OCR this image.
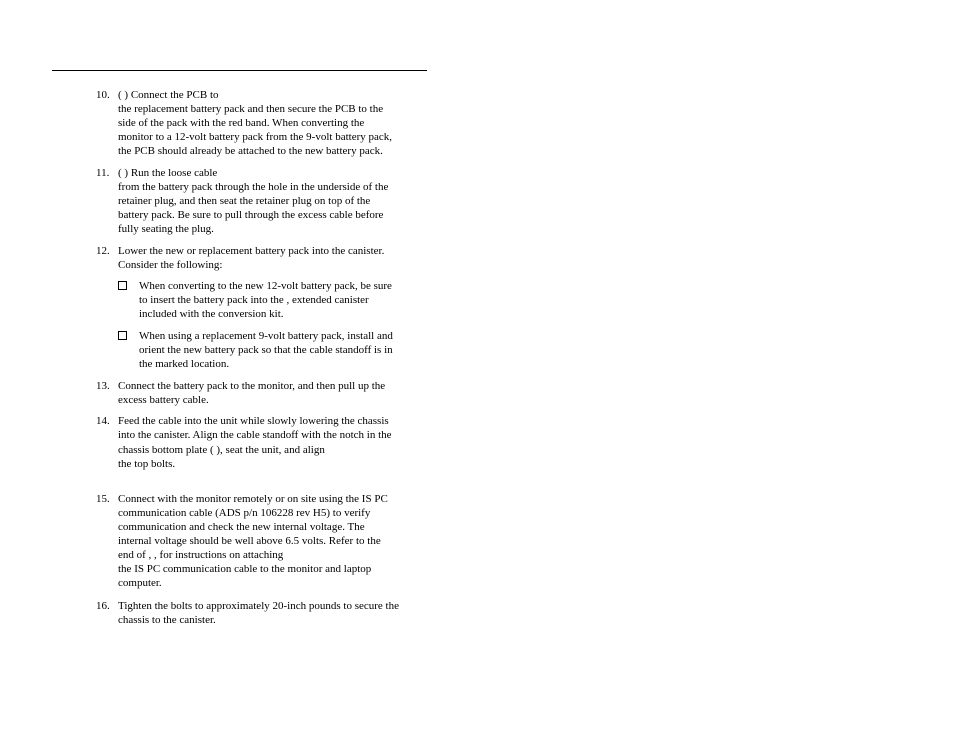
10. ( ) Connect the PCB to
the replacement battery pack and then secure the PCB to the
side of the pack with the red band. When converting the
monitor to a 12-volt battery pack from the 9-volt battery pack,
the PCB should already be attached to the new battery pack.
11. ( ) Run the loose cable
from the battery pack through the hole in the underside of the
retainer plug, and then seat the retainer plug on top of the
battery pack. Be sure to pull through the excess cable before
fully seating the plug.
12. Lower the new or replacement battery pack into the canister.
Consider the following:
When converting to the new 12-volt battery pack, be sure
to insert the battery pack into the , extended canister
included with the conversion kit.
When using a replacement 9-volt battery pack, install and
orient the new battery pack so that the cable standoff is in
the marked location.
13. Connect the battery pack to the monitor, and then pull up the
excess battery cable.
14. Feed the cable into the unit while slowly lowering the chassis
into the canister. Align the cable standoff with the notch in the
chassis bottom plate ( ), seat the unit, and align
the top bolts.
15. Connect with the monitor remotely or on site using the IS PC
communication cable (ADS p/n 106228 rev H5) to verify
communication and check the new internal voltage. The
internal voltage should be well above 6.5 volts. Refer to the
end of , , for instructions on attaching
the IS PC communication cable to the monitor and laptop
computer.
16. Tighten the bolts to approximately 20-inch pounds to secure the
chassis to the canister.
